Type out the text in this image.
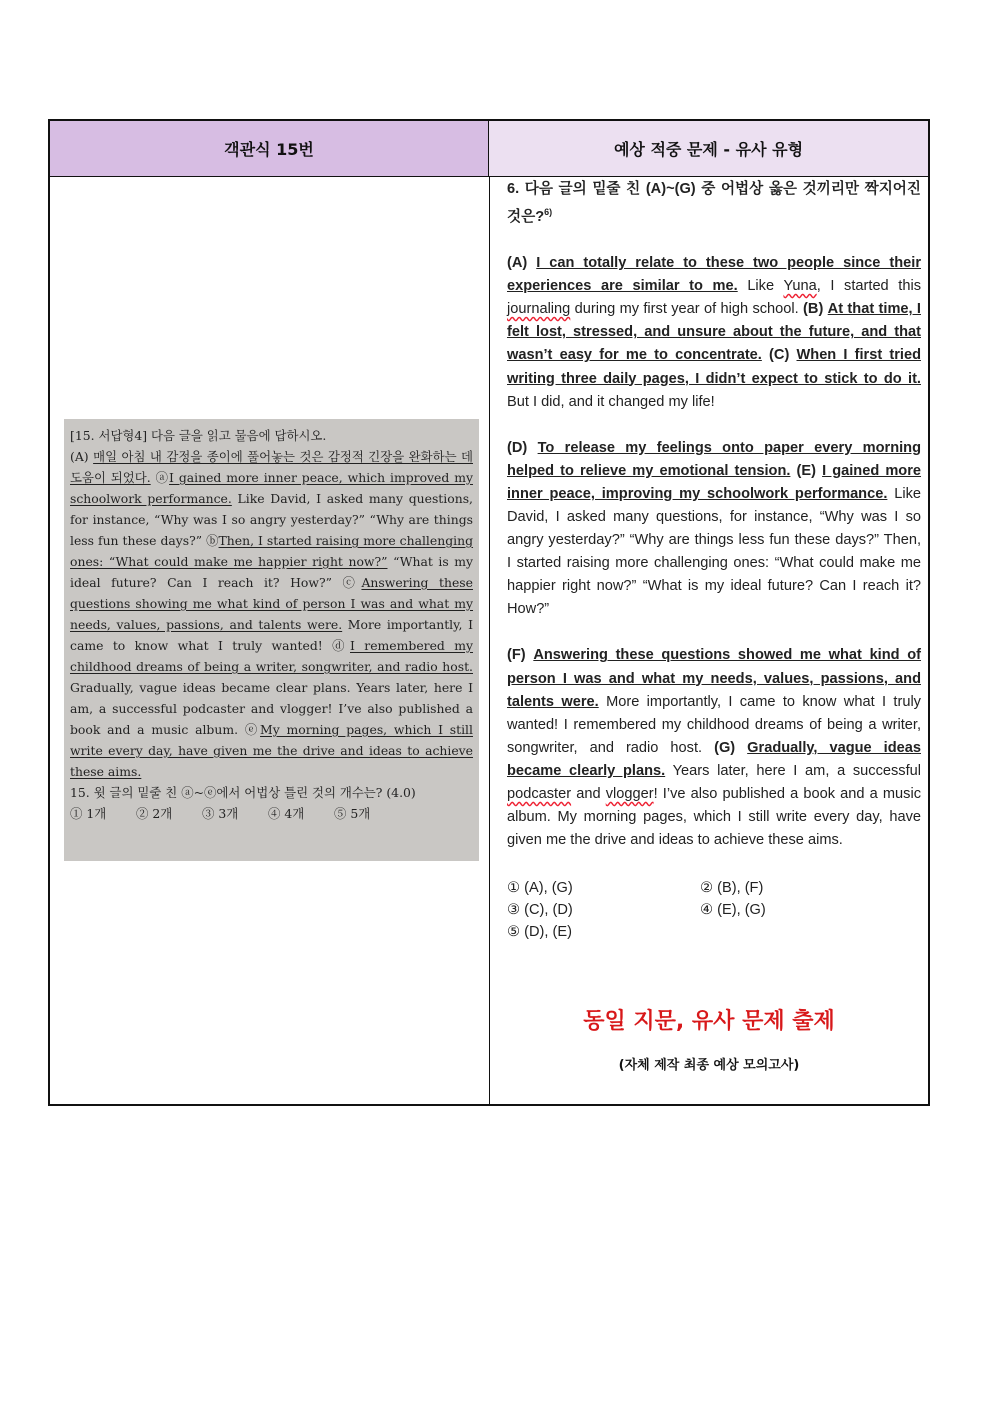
객관식 15번	예상 적중 문제 - 유사 유형

[15. 서답형4] 다음 글을 읽고 물음에 답하시오.

(A) 매일 아침 내 감정을 종이에 풀어놓는 것은 감정적 긴장을 완화하는 데 도움이 되었다. ⓐI gained more inner peace, which improved my schoolwork performance. Like David, I asked many questions, for instance, “Why was I so angry yesterday?” “Why are things less fun these days?” ⓑThen, I started raising more challenging ones: “What could make me happier right now?” “What is my ideal future? Can I reach it? How?” ⓒAnswering these questions showing me what kind of person I was and what my needs, values, passions, and talents were. More importantly, I came to know what I truly wanted! ⓓI remembered my childhood dreams of being a writer, songwriter, and radio host. Gradually, vague ideas became clear plans. Years later, here I am, a successful podcaster and vlogger! I’ve also published a book and a music album. ⓔMy morning pages, which I still write every day, have given me the drive and ideas to achieve these aims.

15. 윗 글의 밑줄 친 ⓐ~ⓔ에서 어법상 틀린 것의 개수는? (4.0)

① 1개	② 2개	③ 3개	④ 4개	⑤ 5개

6. 다음 글의 밑줄 친 (A)~(G) 중 어법상 옳은 것끼리만 짝지어진 것은?$^{6)}$

(A) I can totally relate to these two people since their experiences are similar to me. Like Yuna, I started this journaling during my first year of high school. (B) At that time, I felt lost, stressed, and unsure about the future, and that wasn’t easy for me to concentrate. (C) When I first tried writing three daily pages, I didn’t expect to stick to do it. But I did, and it changed my life!

(D) To release my feelings onto paper every morning helped to relieve my emotional tension. (E) I gained more inner peace, improving my schoolwork performance. Like David, I asked many questions, for instance, “Why was I so angry yesterday?” “Why are things less fun these days?” Then, I started raising more challenging ones: “What could make me happier right now?” “What is my ideal future? Can I reach it? How?”

(F) Answering these questions showed me what kind of person I was and what my needs, values, passions, and talents were. More importantly, I came to know what I truly wanted! I remembered my childhood dreams of being a writer, songwriter, and radio host. (G) Gradually, vague ideas became clearly plans. Years later, here I am, a successful podcaster and vlogger! I’ve also published a book and a music album. My morning pages, which I still write every day, have given me the drive and ideas to achieve these aims.

① (A), (G)	② (B), (F)
③ (C), (D)	④ (E), (G)
⑤ (D), (E)
동일 지문, 유사 문제 출제
(자체 제작 최종 예상 모의고사)
